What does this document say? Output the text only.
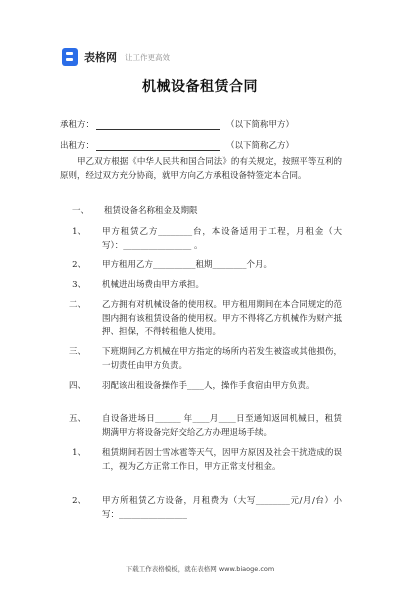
表格网 让工作更高效
机械设备租赁合同
承租方：	（以下简称甲方）
出租方：	（以下简称乙方）
甲乙双方根据《中华人民共和国合同法》的有关规定，按照平等互利的原则，经过双方充分协商，就甲方向乙方承租设备特签定本合同。
一、 租赁设备名称租金及期限
1、	甲方租赁乙方________台，本设备适用于工程，月租金（大写）：________________ 。
2、	甲方租用乙方__________租期________个月。
3、	机械进出场费由甲方承担。
二、	乙方拥有对机械设备的使用权。甲方租用期间在本合同规定的范围内拥有该租赁设备的使用权。甲方不得将乙方机械作为财产抵押、担保，不得转租他人使用。
三、	下班期间乙方机械在甲方指定的场所内若发生被盗或其他损伤，一切责任由甲方负责。
四、	羽配该出租设备操作手____人，操作手食宿由甲方负责。
五、	自设备进场日______ 年____月____日至通知返回机械日，租赁期满甲方将设备完好交给乙方办理退场手续。
1、	租赁期间若因士雪冰雹等天气，因甲方原因及社会干扰造成的误工，视为乙方正常工作日，甲方正常支付租金。
2、	甲方所租赁乙方设备，月租费为（大写________元/月/台）小写：________________
下载工作表格模板，就在表格网 www.biaoge.com
